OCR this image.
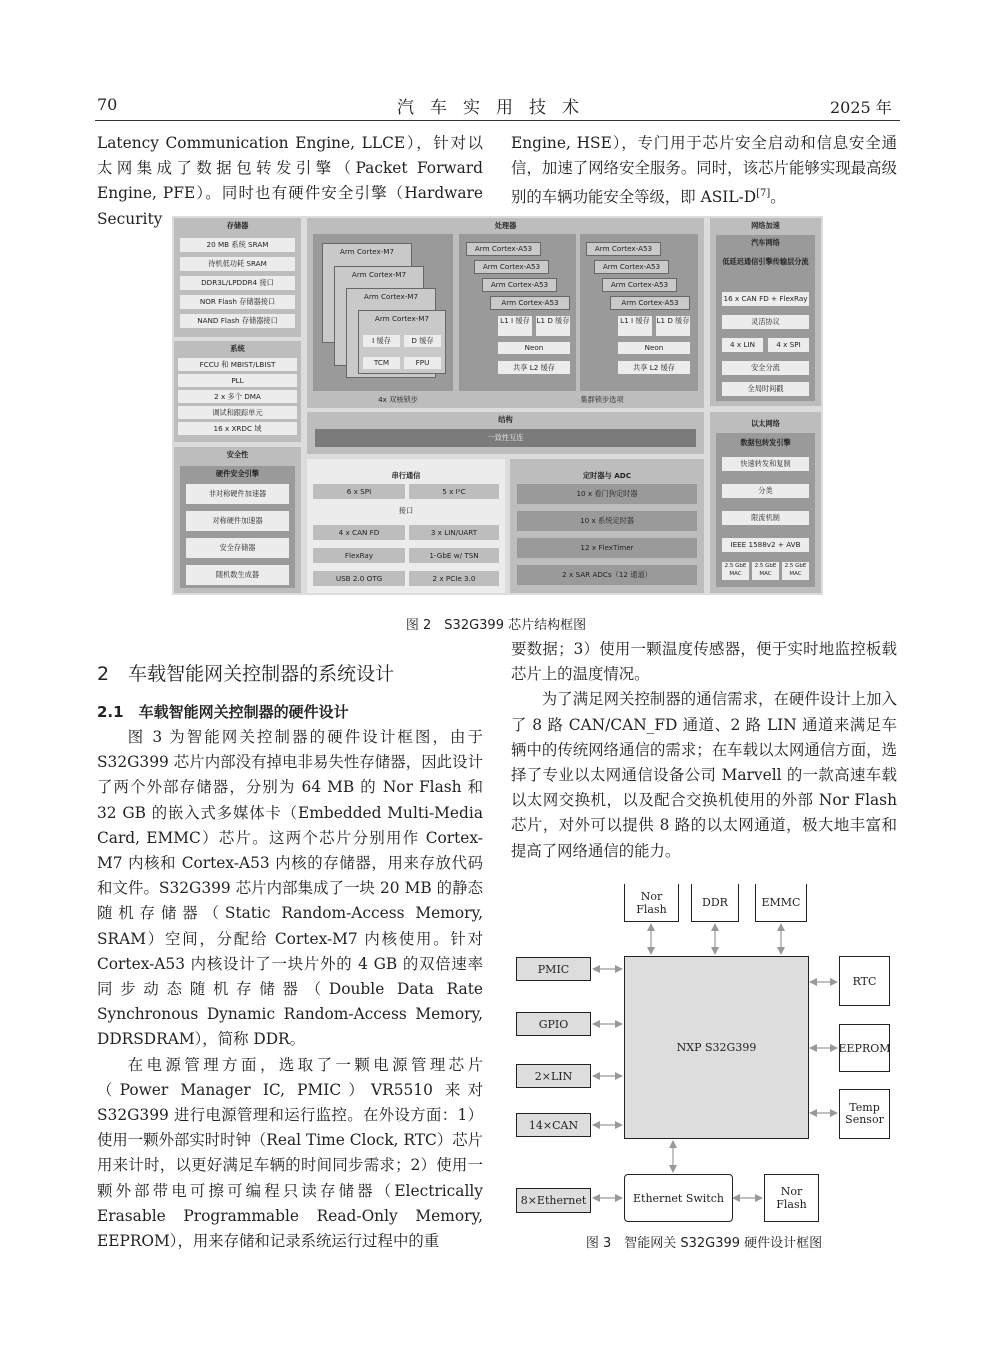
70	汽车实用技术	2025 年

Latency Communication Engine, LLCE），针对以太网集成了数据包转发引擎（Packet Forward Engine, PFE）。同时也有硬件安全引擎（Hardware Security

Engine, HSE），专门用于芯片安全启动和信息安全通信，加速了网络安全服务。同时，该芯片能够实现最高级别的车辆功能安全等级，即 ASIL-D[7]。

存储器
20 MB 系统 SRAM
待机低功耗 SRAM
DDR3L/LPDDR4 接口
NOR Flash 存储器接口
NAND Flash 存储器接口
系统
FCCU 和 MBIST/LBIST
PLL
2 x 多个 DMA
调试和跟踪单元
16 x XRDC 域
安全性
硬件安全引擎
非对称硬件加速器
对称硬件加速器
安全存储器
随机数生成器
处理器
Arm Cortex-M7
Arm Cortex-M7
Arm Cortex-M7
Arm Cortex-M7
I 缓存	D 缓存
TCM	FPU
4x 双核锁步
Arm Cortex-A53
Arm Cortex-A53
Arm Cortex-A53
Arm Cortex-A53
L1 I 缓存 L1 D 缓存
Neon
共享 L2 缓存
Arm Cortex-A53
Arm Cortex-A53
Arm Cortex-A53
Arm Cortex-A53
L1 I 缓存 L1 D 缓存
Neon
共享 L2 缓存
集群锁步选项
网络加速
汽车网络
低延迟通信引擎传输层分流
16 x CAN FD + FlexRay
灵活协议
4 x LIN	4 x SPI
安全分流
全局时间戳
以太网络
数据包转发引擎
快速转发和复制
分类
限流机制
IEEE 1588v2 + AVB
2.5 GbE MAC
2.5 GbE MAC
2.5 GbE MAC
结构
一致性互连
串行通信
6 x SPI	5 x I²C
接口
4 x CAN FD	3 x LIN/UART
FlexRay	1-GbE w/ TSN
USB 2.0 OTG	2 x PCIe 3.0
定时器与 ADC
10 x 看门狗定时器
10 x 系统定时器
12 x FlexTimer
2 x SAR ADCs（12 通道）
图 2　S32G399 芯片结构框图
2　车载智能网关控制器的系统设计
2.1　车载智能网关控制器的硬件设计

图 3 为智能网关控制器的硬件设计框图，由于 S32G399 芯片内部没有掉电非易失性存储器，因此设计了两个外部存储器，分别为 64 MB 的 Nor Flash 和 32 GB 的嵌入式多媒体卡（Embedded Multi-Media Card, EMMC）芯片。这两个芯片分别用作 Cortex-M7 内核和 Cortex-A53 内核的存储器，用来存放代码和文件。S32G399 芯片内部集成了一块 20 MB 的静态随机存储器（Static Random-Access Memory, SRAM）空间，分配给 Cortex-M7 内核使用。针对 Cortex-A53 内核设计了一块片外的 4 GB 的双倍速率同步动态随机存储器（Double Data Rate Synchronous Dynamic Random-Access Memory, DDRSDRAM），简称 DDR。

在电源管理方面，选取了一颗电源管理芯片（Power Manager IC, PMIC）VR5510 来对 S32G399 进行电源管理和运行监控。在外设方面：1）使用一颗外部实时时钟（Real Time Clock, RTC）芯片用来计时，以更好满足车辆的时间同步需求；2）使用一颗外部带电可擦可编程只读存储器（Electrically Erasable Programmable Read-Only Memory, EEPROM），用来存储和记录系统运行过程中的重

要数据；3）使用一颗温度传感器，便于实时地监控板载芯片上的温度情况。

为了满足网关控制器的通信需求，在硬件设计上加入了 8 路 CAN/CAN_FD 通道、2 路 LIN 通道来满足车辆中的传统网络通信的需求；在车载以太网通信方面，选择了专业以太网通信设备公司 Marvell 的一款高速车载以太网交换机，以及配合交换机使用的外部 Nor Flash 芯片，对外可以提供 8 路的以太网通道，极大地丰富和提高了网络通信的能力。

Nor Flash	DDR	EMMC
NXP S32G399
PMIC
GPIO
2×LIN
14×CAN
RTC
EEPROM
Temp Sensor
8×Ethernet	Ethernet Switch	Nor Flash
图 3　智能网关 S32G399 硬件设计框图
